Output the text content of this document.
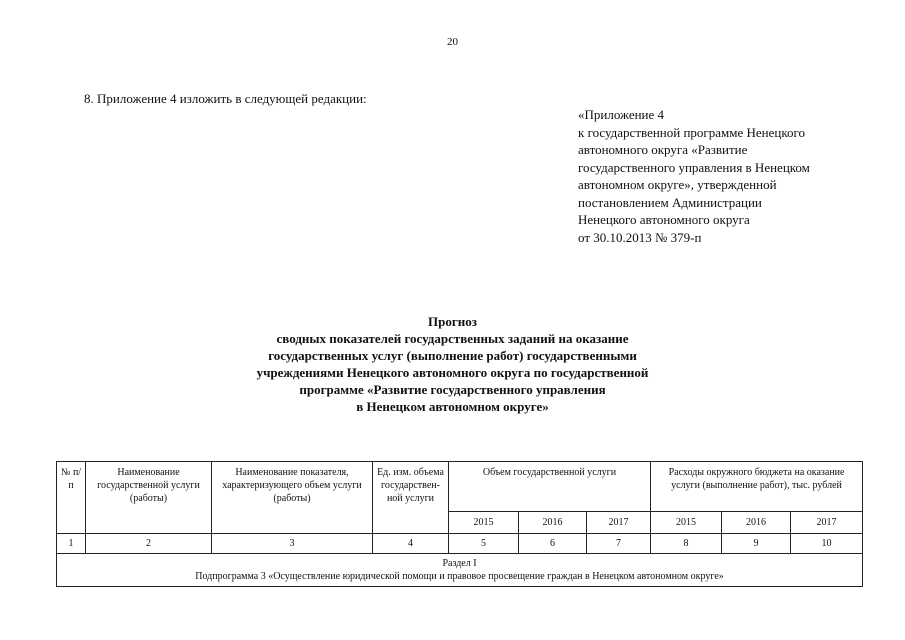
20
8. Приложение 4 изложить в следующей редакции:
«Приложение 4
к государственной программе Ненецкого
автономного округа «Развитие
государственного управления в Ненецком
автономном округе», утвержденной
постановлением Администрации
Ненецкого автономного округа
от 30.10.2013 № 379-п
Прогноз
сводных показателей государственных заданий на оказание
государственных услуг (выполнение работ) государственными
учреждениями Ненецкого автономного округа по государственной
программе «Развитие государственного управления
в Ненецком автономном округе»
№ п/п	Наименование государственной услуги (работы)	Наименование показателя, характеризующего объем услуги (работы)	Ед. изм. объема государствен-ной услуги	Объем государственной услуги			Расходы окружного бюджета на оказание услуги (выполнение работ), тыс. рублей		
				2015	2016	2017	2015	2016	2017
1	2	3	4	5	6	7	8	9	10

Раздел I
Подпрограмма 3 «Осуществление юридической помощи и правовое просвещение граждан в Ненецком автономном округе»									
